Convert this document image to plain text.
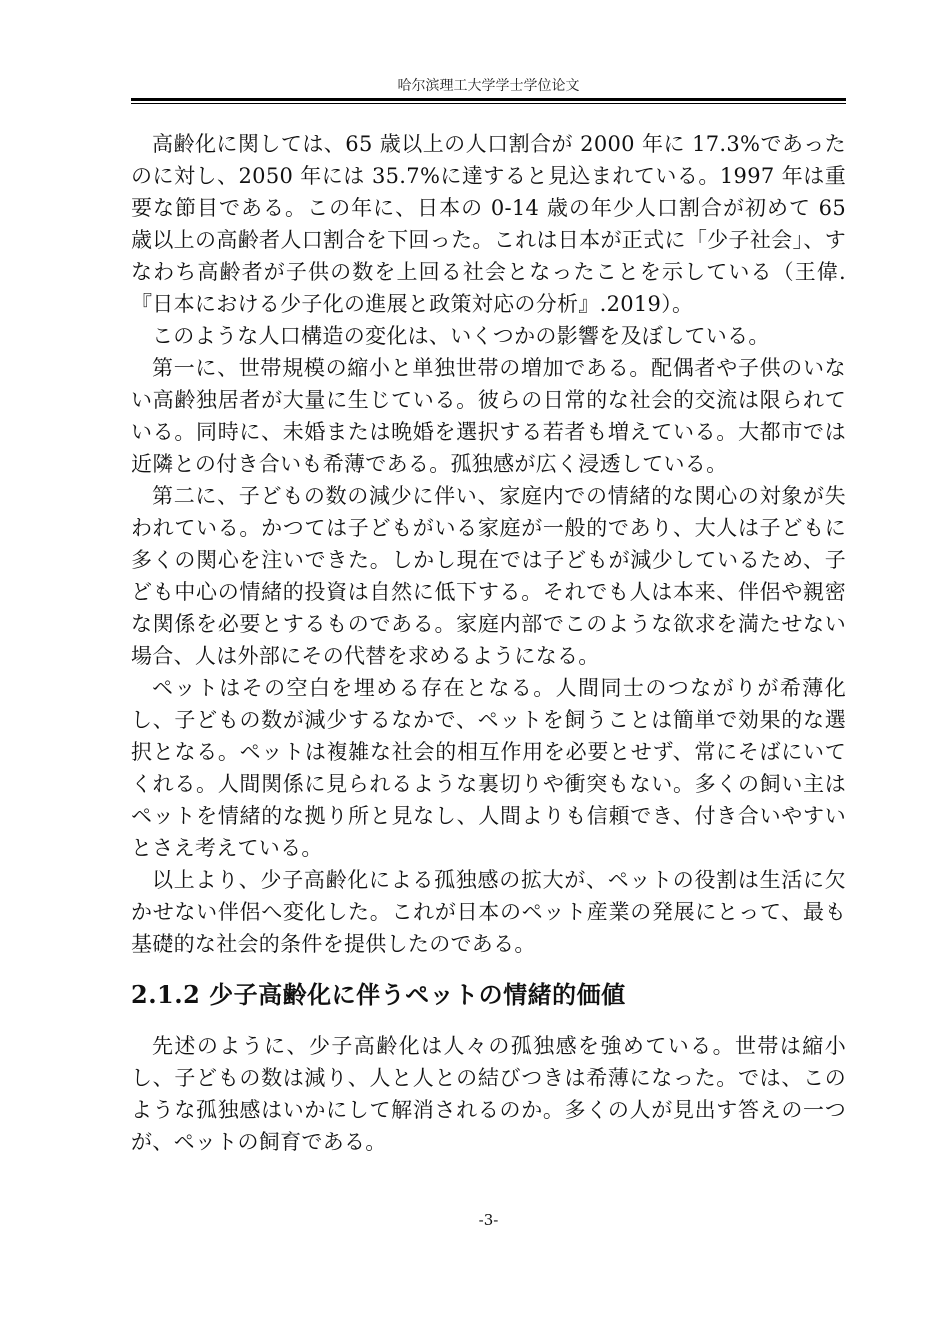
哈尔滨理工大学学士学位论文

高齢化に関しては、65 歳以上の人口割合が 2000 年に 17.3%であったのに対し、2050 年には 35.7%に達すると見込まれている。1997 年は重要な節目である。この年に、日本の 0-14 歳の年少人口割合が初めて 65 歳以上の高齢者人口割合を下回った。これは日本が正式に「少子社会」、すなわち高齢者が子供の数を上回る社会となったことを示している（王偉.『日本における少子化の進展と政策対応の分析』.2019）。

このような人口構造の変化は、いくつかの影響を及ぼしている。

第一に、世帯規模の縮小と単独世帯の増加である。配偶者や子供のいない高齢独居者が大量に生じている。彼らの日常的な社会的交流は限られている。同時に、未婚または晩婚を選択する若者も増えている。大都市では近隣との付き合いも希薄である。孤独感が広く浸透している。

第二に、子どもの数の減少に伴い、家庭内での情緒的な関心の対象が失われている。かつては子どもがいる家庭が一般的であり、大人は子どもに多くの関心を注いできた。しかし現在では子どもが減少しているため、子ども中心の情緒的投資は自然に低下する。それでも人は本来、伴侶や親密な関係を必要とするものである。家庭内部でこのような欲求を満たせない場合、人は外部にその代替を求めるようになる。

ペットはその空白を埋める存在となる。人間同士のつながりが希薄化し、子どもの数が減少するなかで、ペットを飼うことは簡単で効果的な選択となる。ペットは複雑な社会的相互作用を必要とせず、常にそばにいてくれる。人間関係に見られるような裏切りや衝突もない。多くの飼い主はペットを情緒的な拠り所と見なし、人間よりも信頼でき、付き合いやすいとさえ考えている。

以上より、少子高齢化による孤独感の拡大が、ペットの役割は生活に欠かせない伴侶へ変化した。これが日本のペット産業の発展にとって、最も基礎的な社会的条件を提供したのである。

2.1.2 少子高齢化に伴うペットの情緒的価値

先述のように、少子高齢化は人々の孤独感を強めている。世帯は縮小し、子どもの数は減り、人と人との結びつきは希薄になった。では、このような孤独感はいかにして解消されるのか。多くの人が見出す答えの一つが、ペットの飼育である。

-3-
